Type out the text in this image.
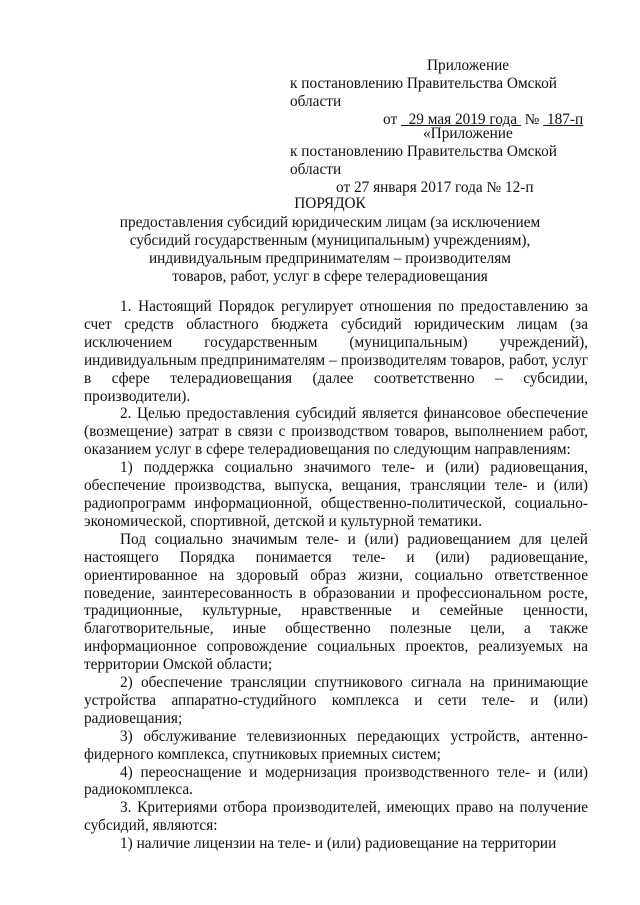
Приложение
к постановлению Правительства Омской области
от 29 мая 2019 года № 187-п
«Приложение
к постановлению Правительства Омской области
от 27 января 2017 года № 12-п
ПОРЯДОК
предоставления субсидий юридическим лицам (за исключением
субсидий государственным (муниципальным) учреждениям),
индивидуальным предпринимателям – производителям
товаров, работ, услуг в сфере телерадиовещания

1. Настоящий Порядок регулирует отношения по предоставлению за счет средств областного бюджета субсидий юридическим лицам (за исключением государственным (муниципальным) учреждений), индивидуальным предпринимателям – производителям товаров, работ, услуг в сфере телерадиовещания (далее соответственно – субсидии, производители).

2. Целью предоставления субсидий является финансовое обеспечение (возмещение) затрат в связи с производством товаров, выполнением работ, оказанием услуг в сфере телерадиовещания по следующим направлениям:

1) поддержка социально значимого теле- и (или) радиовещания, обеспечение производства, выпуска, вещания, трансляции теле- и (или) радиопрограмм информационной, общественно-политической, социально-экономической, спортивной, детской и культурной тематики.

Под социально значимым теле- и (или) радиовещанием для целей настоящего Порядка понимается теле- и (или) радиовещание, ориентированное на здоровый образ жизни, социально ответственное поведение, заинтересованность в образовании и профессиональном росте, традиционные, культурные, нравственные и семейные ценности, благотворительные, иные общественно полезные цели, а также информационное сопровождение социальных проектов, реализуемых на территории Омской области;

2) обеспечение трансляции спутникового сигнала на принимающие устройства аппаратно-студийного комплекса и сети теле- и (или) радиовещания;

3) обслуживание телевизионных передающих устройств, антенно-фидерного комплекса, спутниковых приемных систем;

4) переоснащение и модернизация производственного теле- и (или) радиокомплекса.

3. Критериями отбора производителей, имеющих право на получение субсидий, являются:

1) наличие лицензии на теле- и (или) радиовещание на территории
